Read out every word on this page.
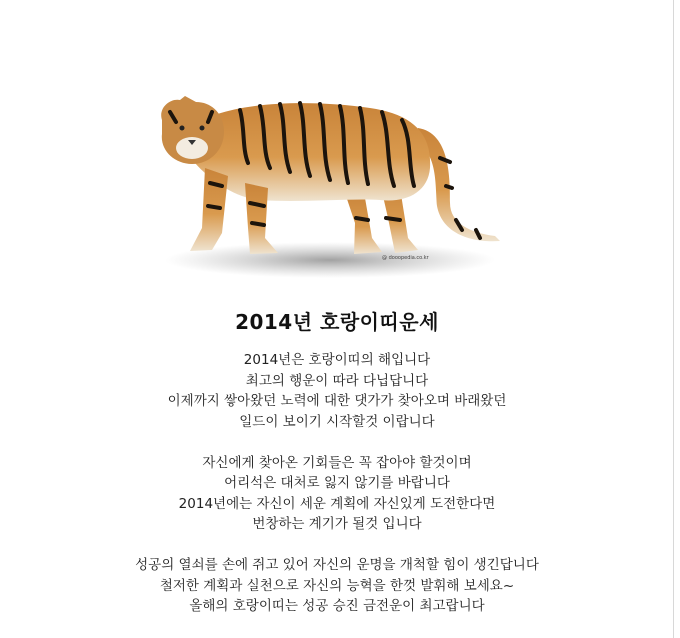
@ dooopedia.co.kr
2014년 호랑이띠운세

2014년은 호랑이띠의 해입니다
최고의 행운이 따라 다닙답니다
이제까지 쌓아왔던 노력에 대한 댓가가 찾아오며 바래왔던
일드이 보이기 시작할것 이랍니다

자신에게 찾아온 기회들은 꼭 잡아야 할것이며
어리석은 대처로 잃지 않기를 바랍니다
2014년에는 자신이 세운 계획에 자신있게 도전한다면
번창하는 계기가 될것 입니다

성공의 열쇠를 손에 쥐고 있어 자신의 운명을 개척할 힘이 생긴답니다
철저한 계획과 실천으로 자신의 능혁을 한껏 발휘해 보세요~
올해의 호랑이띠는 성공 승진 금전운이 최고랍니다
